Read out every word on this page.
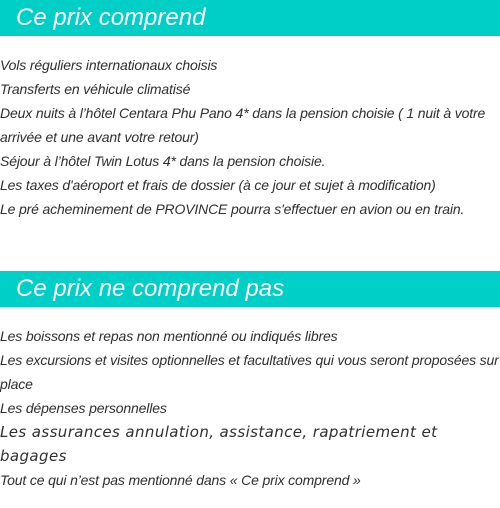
Ce prix comprend
Vols réguliers internationaux choisis
Transferts en véhicule climatisé
Deux nuits à l’hôtel Centara Phu Pano 4* dans la pension choisie ( 1 nuit à votre arrivée et une avant votre retour)
Séjour à l’hôtel Twin Lotus 4* dans la pension choisie.
Les taxes d'aéroport et frais de dossier (à ce jour et sujet à modification)
Le pré acheminement de PROVINCE pourra s'effectuer en avion ou en train.
Ce prix ne comprend pas
Les boissons et repas non mentionné ou indiqués libres
Les excursions et visites optionnelles et facultatives qui vous seront proposées sur place
Les dépenses personnelles
Les assurances annulation, assistance, rapatriement et bagages
Tout ce qui n’est pas mentionné dans « Ce prix comprend »
